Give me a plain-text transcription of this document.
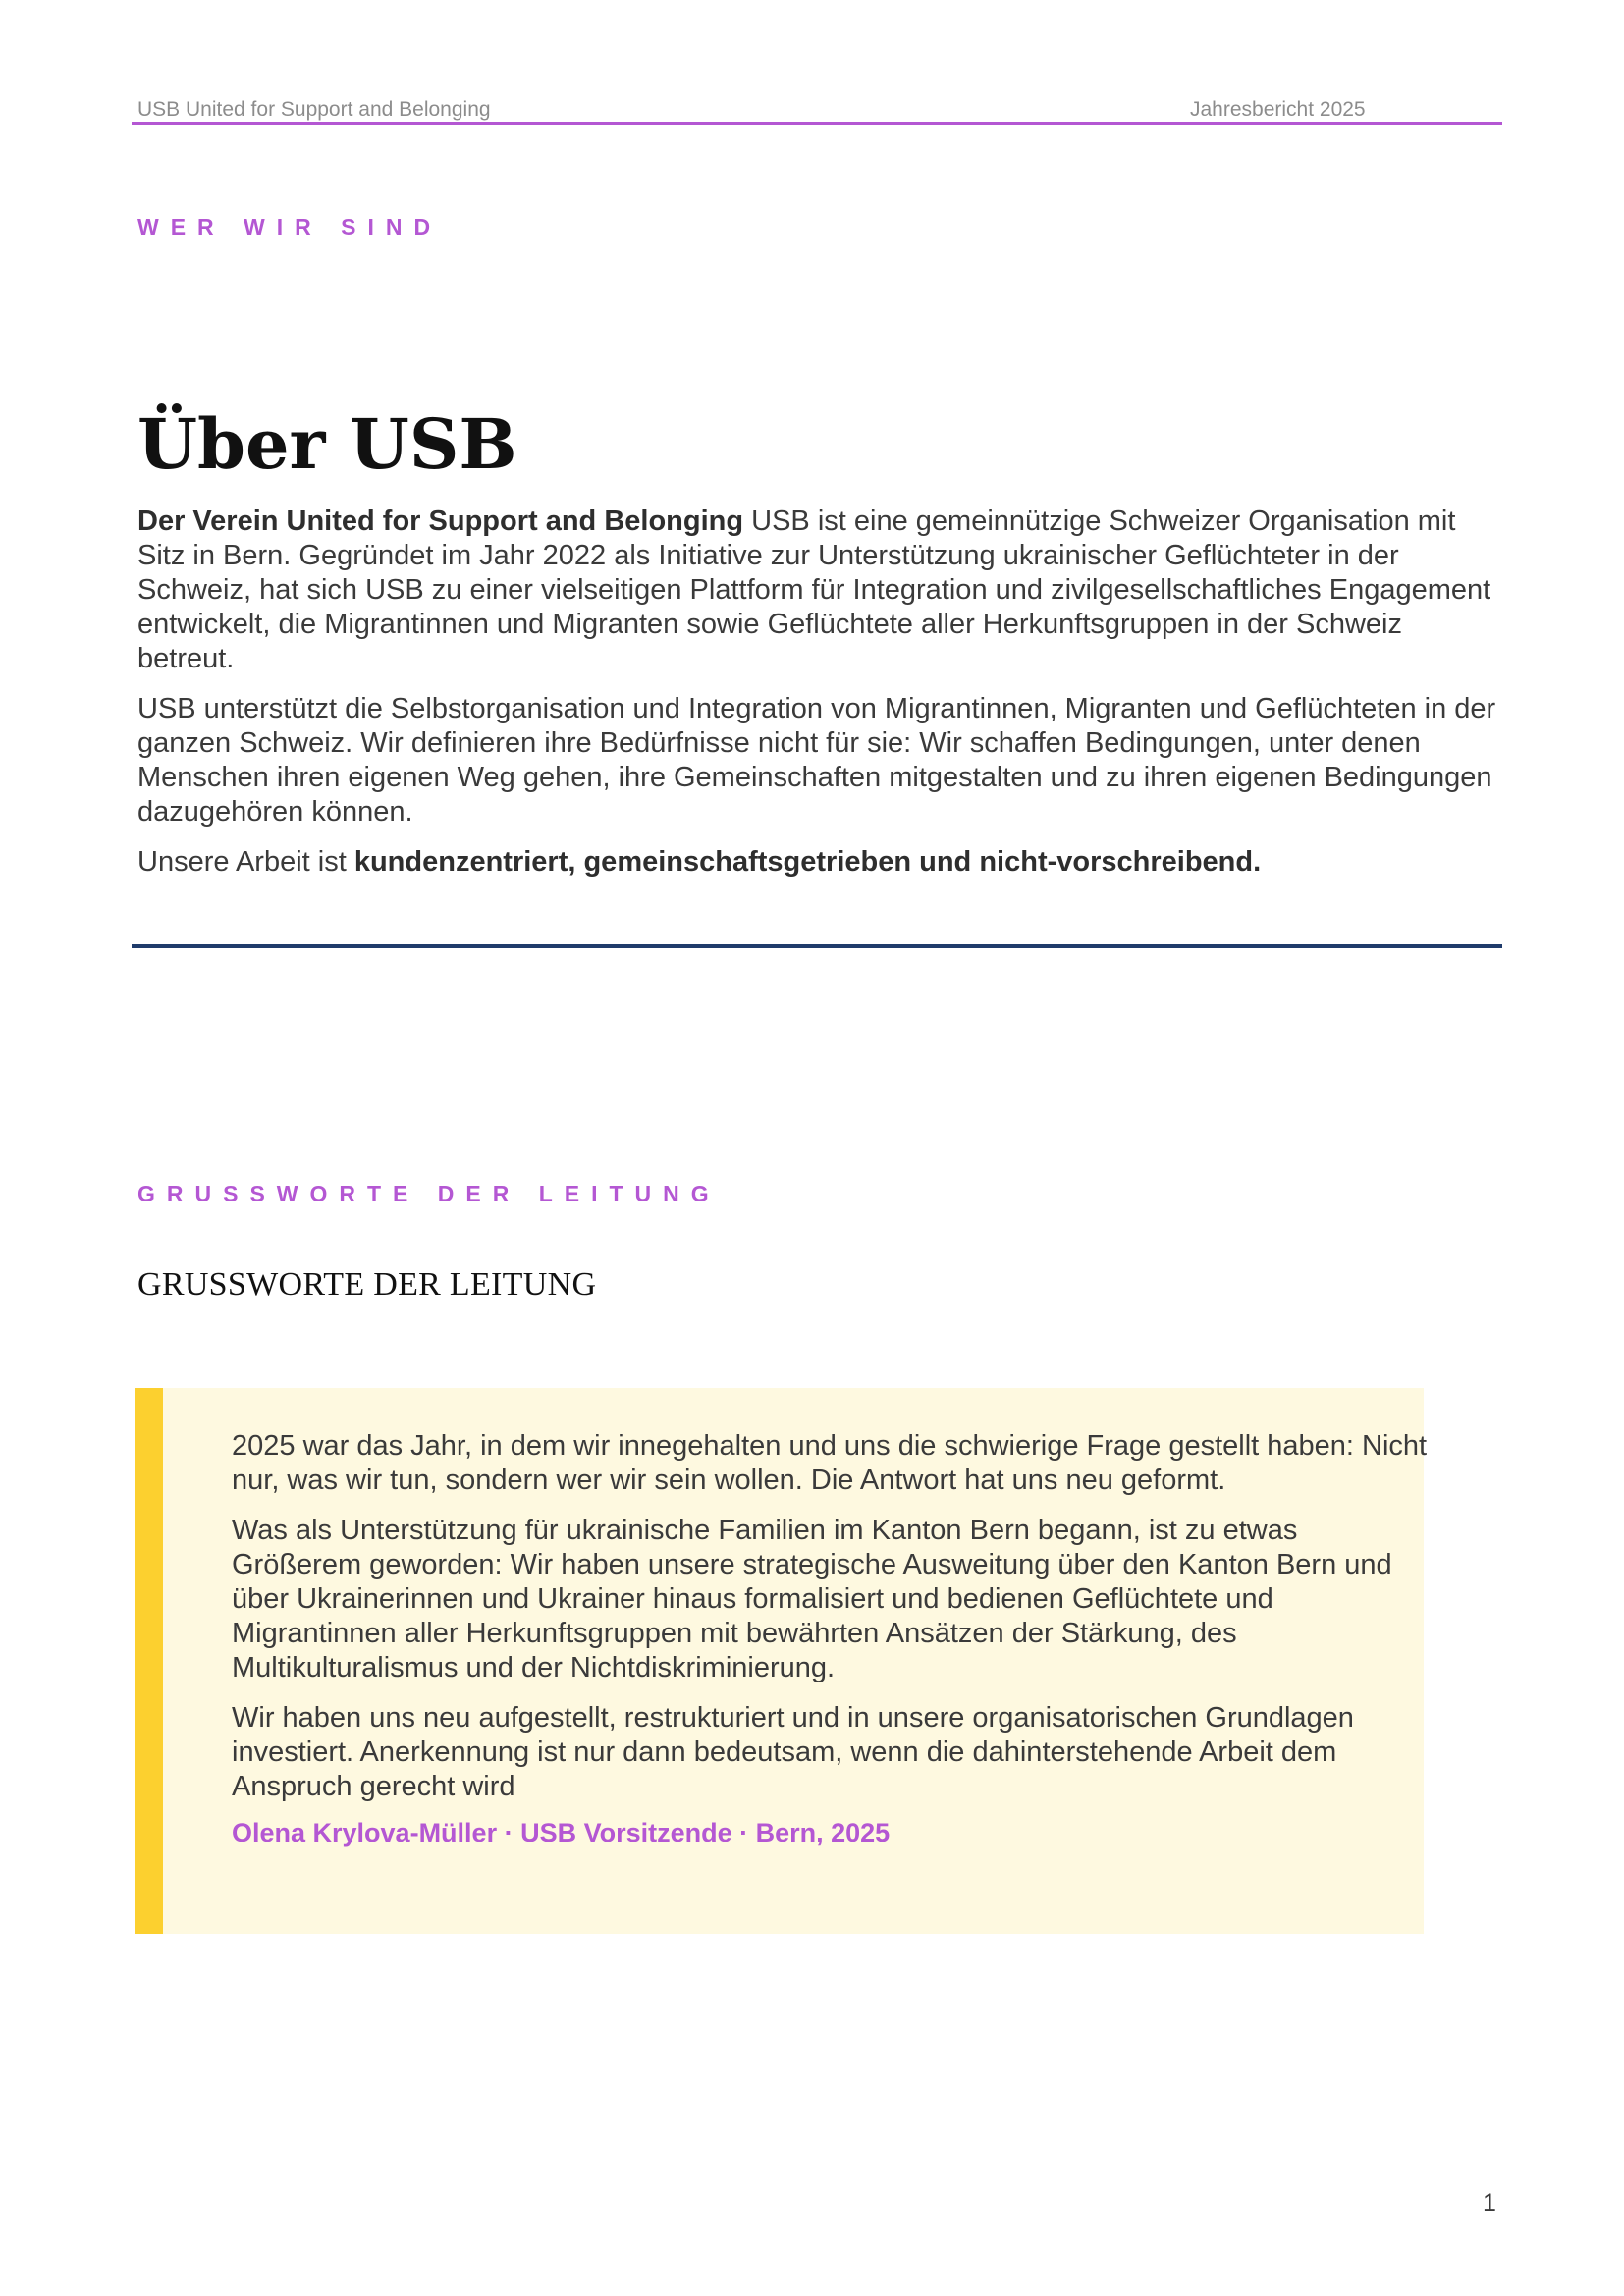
USB United for Support and Belonging	Jahresbericht 2025
WER WIR SIND
Über USB

Der Verein United for Support and Belonging USB ist eine gemeinnützige Schweizer Organisation mit Sitz in Bern. Gegründet im Jahr 2022 als Initiative zur Unterstützung ukrainischer Geflüchteter in der Schweiz, hat sich USB zu einer vielseitigen Plattform für Integration und zivilgesellschaftliches Engagement entwickelt, die Migrantinnen und Migranten sowie Geflüchtete aller Herkunftsgruppen in der Schweiz betreut.

USB unterstützt die Selbstorganisation und Integration von Migrantinnen, Migranten und Geflüchteten in der ganzen Schweiz. Wir definieren ihre Bedürfnisse nicht für sie: Wir schaffen Bedingungen, unter denen Menschen ihren eigenen Weg gehen, ihre Gemeinschaften mitgestalten und zu ihren eigenen Bedingungen dazugehören können.

Unsere Arbeit ist kundenzentriert, gemeinschaftsgetrieben und nicht-vorschreibend.

GRUSSWORTE DER LEITUNG
GRUSSWORTE DER LEITUNG

2025 war das Jahr, in dem wir innegehalten und uns die schwierige Frage gestellt haben: Nicht nur, was wir tun, sondern wer wir sein wollen. Die Antwort hat uns neu geformt.

Was als Unterstützung für ukrainische Familien im Kanton Bern begann, ist zu etwas Größerem geworden: Wir haben unsere strategische Ausweitung über den Kanton Bern und über Ukrainerinnen und Ukrainer hinaus formalisiert und bedienen Geflüchtete und Migrantinnen aller Herkunftsgruppen mit bewährten Ansätzen der Stärkung, des Multikulturalismus und der Nichtdiskriminierung.

Wir haben uns neu aufgestellt, restrukturiert und in unsere organisatorischen Grundlagen investiert. Anerkennung ist nur dann bedeutsam, wenn die dahinterstehende Arbeit dem Anspruch gerecht wird

Olena Krylova-Müller · USB Vorsitzende · Bern, 2025
1
